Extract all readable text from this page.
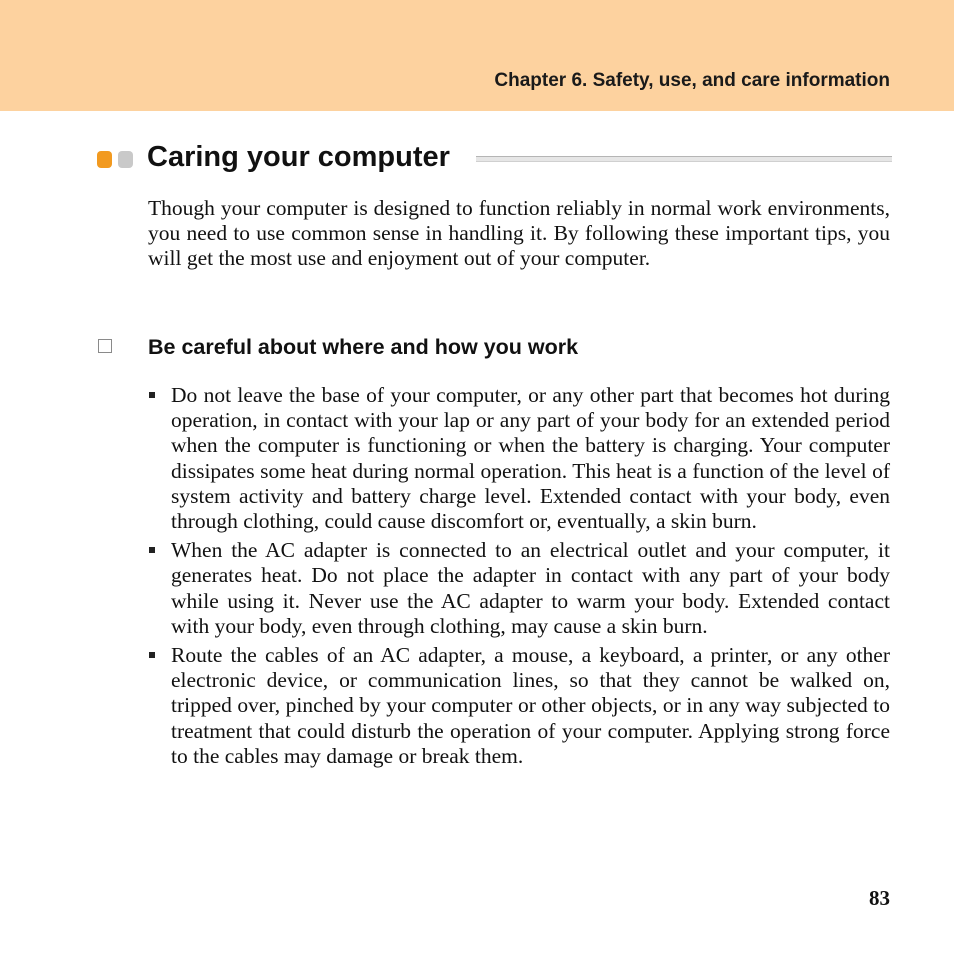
Chapter 6. Safety, use, and care information
Caring your computer

Though your computer is designed to function reliably in normal work environments, you need to use common sense in handling it. By following these important tips, you will get the most use and enjoyment out of your computer.

Be careful about where and how you work
Do not leave the base of your computer, or any other part that becomes hot during operation, in contact with your lap or any part of your body for an extended period when the computer is functioning or when the battery is charging. Your computer dissipates some heat during normal operation. This heat is a function of the level of system activity and battery charge level. Extended contact with your body, even through clothing, could cause discomfort or, eventually, a skin burn.
When the AC adapter is connected to an electrical outlet and your computer, it generates heat. Do not place the adapter in contact with any part of your body while using it. Never use the AC adapter to warm your body. Extended contact with your body, even through clothing, may cause a skin burn.
Route the cables of an AC adapter, a mouse, a keyboard, a printer, or any other electronic device, or communication lines, so that they cannot be walked on, tripped over, pinched by your computer or other objects, or in any way subjected to treatment that could disturb the operation of your computer. Applying strong force to the cables may damage or break them.
83
